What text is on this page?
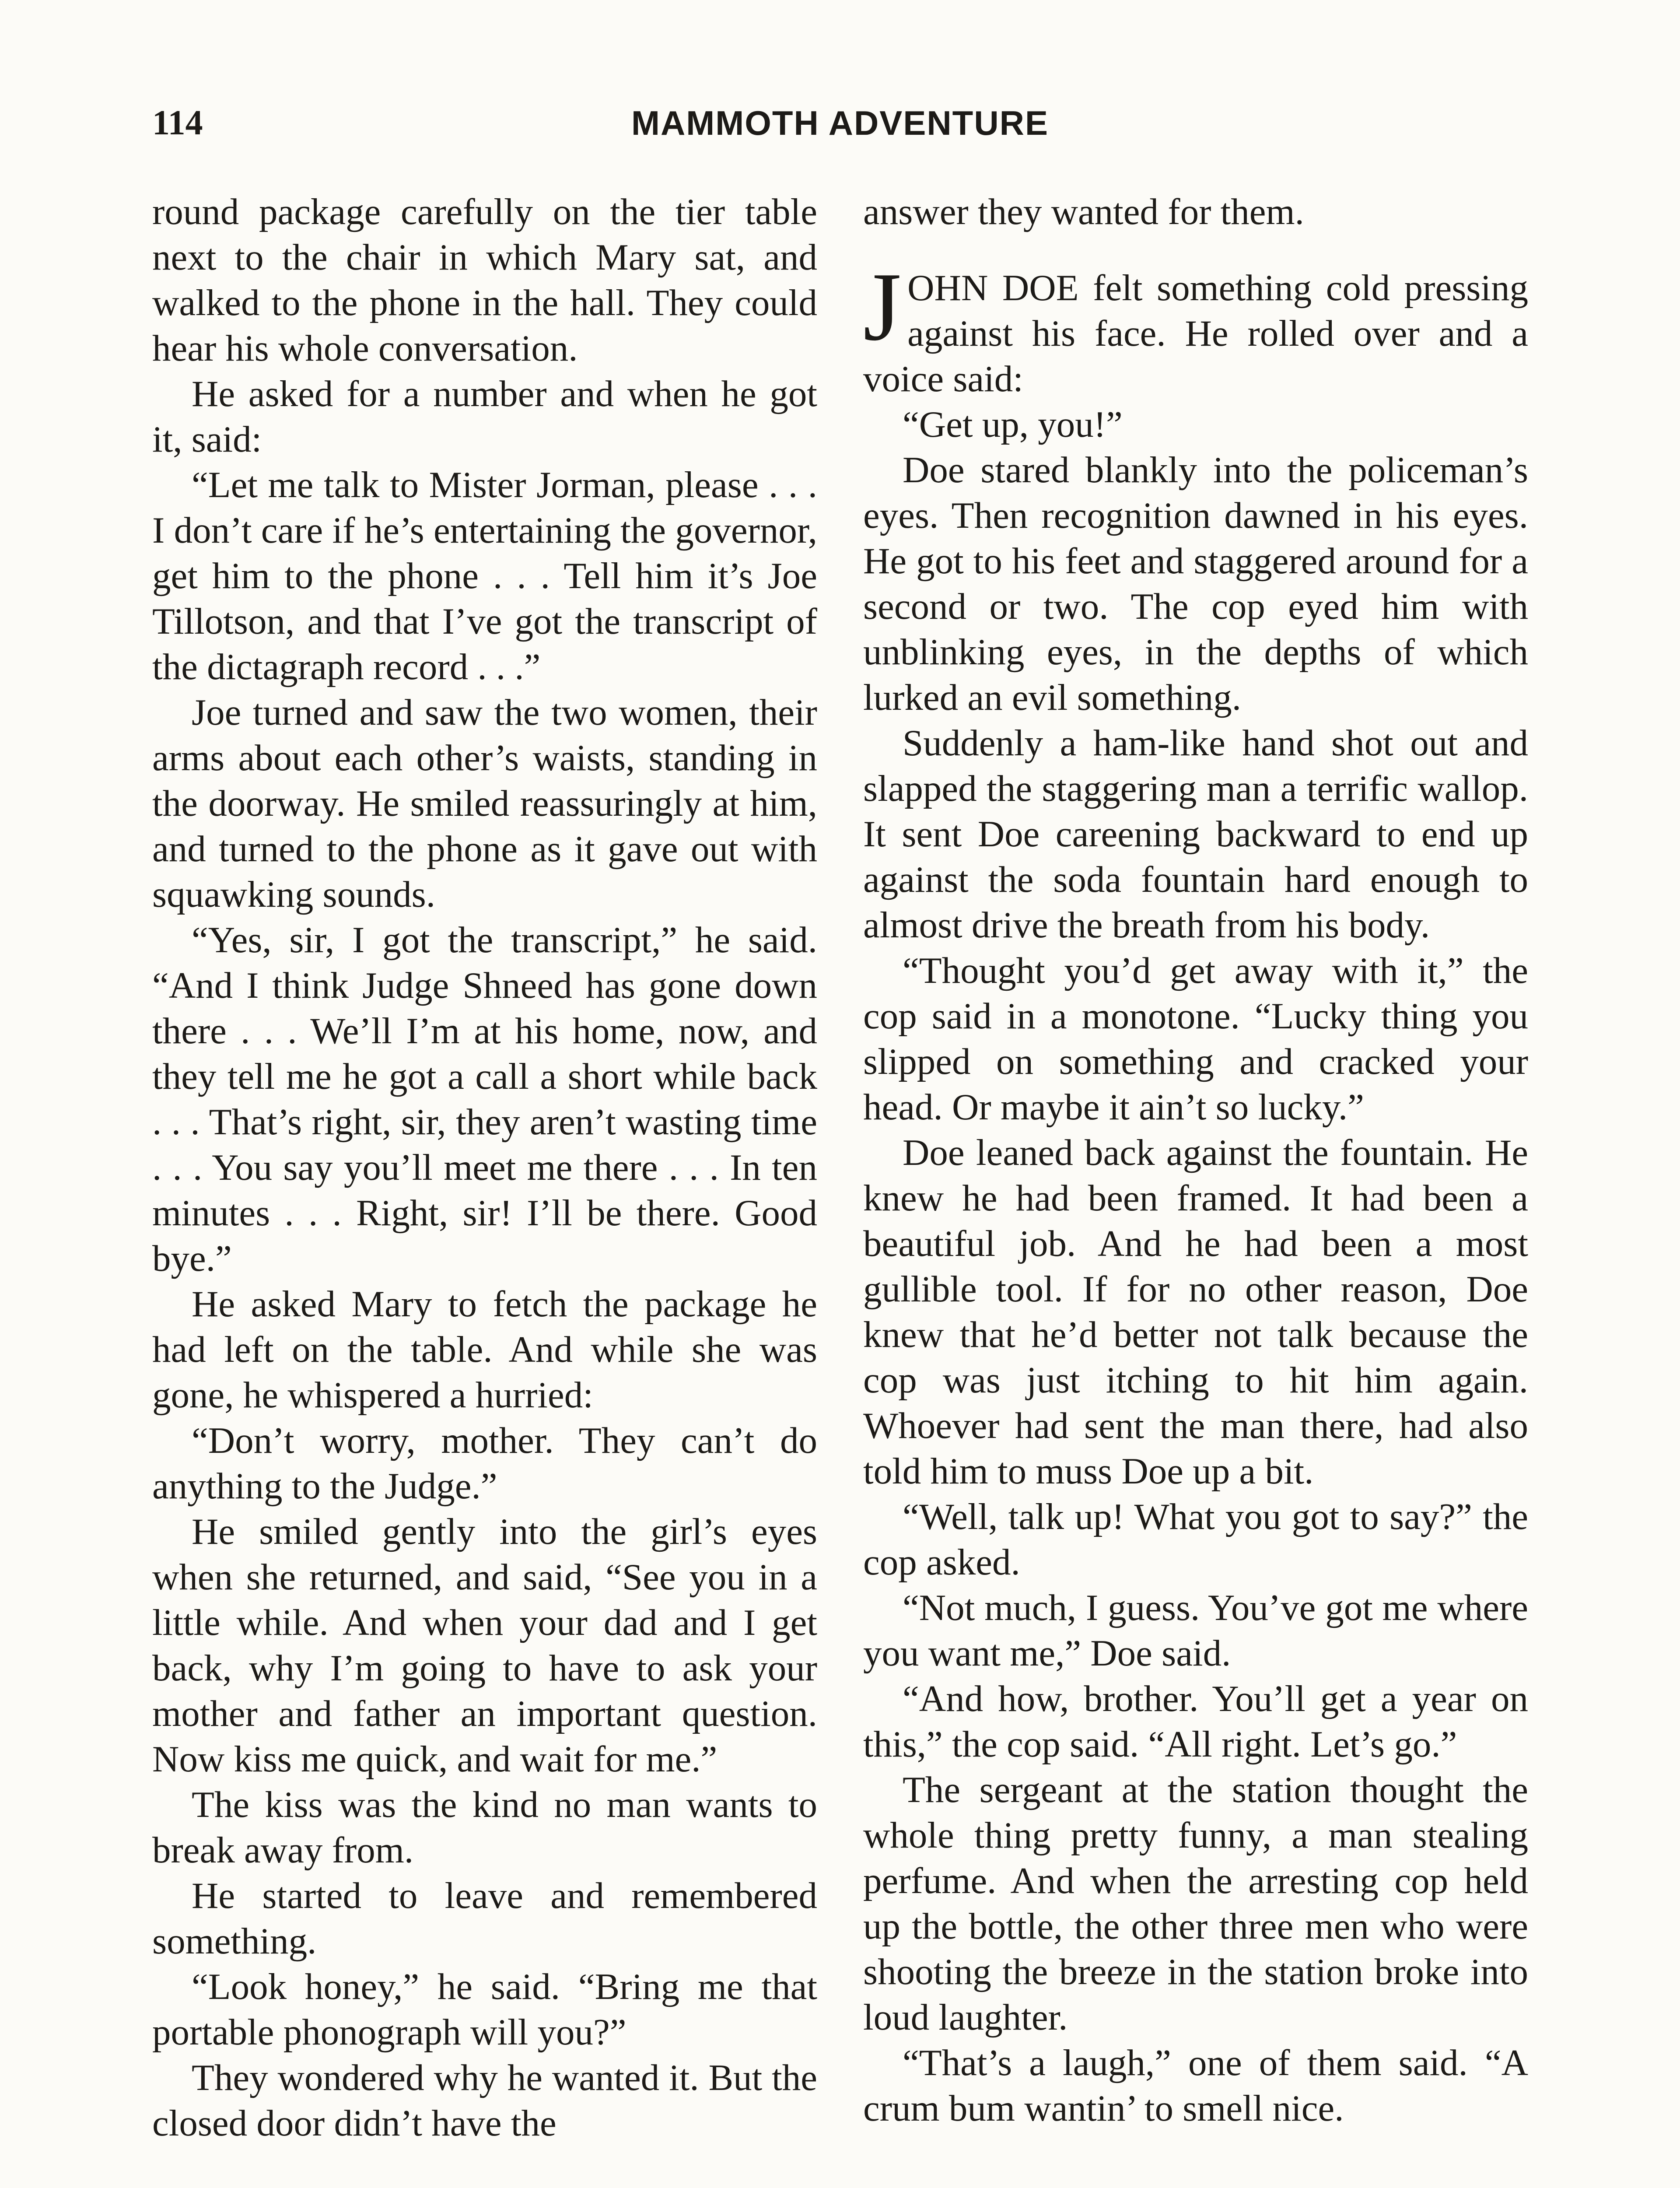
114	MAMMOTH ADVENTURE

round package carefully on the tier table next to the chair in which Mary sat, and walked to the phone in the hall. They could hear his whole conversation.

He asked for a number and when he got it, said:

“Let me talk to Mister Jorman, please . . . I don’t care if he’s entertaining the governor, get him to the phone . . . Tell him it’s Joe Tillotson, and that I’ve got the transcript of the dictagraph record . . .”

Joe turned and saw the two women, their arms about each other’s waists, standing in the doorway. He smiled reassuringly at him, and turned to the phone as it gave out with squawking sounds.

“Yes, sir, I got the transcript,” he said. “And I think Judge Shneed has gone down there . . . We’ll I’m at his home, now, and they tell me he got a call a short while back . . . That’s right, sir, they aren’t wasting time . . . You say you’ll meet me there . . . In ten minutes . . . Right, sir! I’ll be there. Good bye.”

He asked Mary to fetch the package he had left on the table. And while she was gone, he whispered a hurried:

“Don’t worry, mother. They can’t do anything to the Judge.”

He smiled gently into the girl’s eyes when she returned, and said, “See you in a little while. And when your dad and I get back, why I’m going to have to ask your mother and father an important question. Now kiss me quick, and wait for me.”

The kiss was the kind no man wants to break away from.

He started to leave and remembered something.

“Look honey,” he said. “Bring me that portable phonograph will you?”

They wondered why he wanted it. But the closed door didn’t have the

answer they wanted for them.

JOHN DOE felt something cold pressing against his face. He rolled over and a voice said:

“Get up, you!”

Doe stared blankly into the policeman’s eyes. Then recognition dawned in his eyes. He got to his feet and staggered around for a second or two. The cop eyed him with unblinking eyes, in the depths of which lurked an evil something.

Suddenly a ham-like hand shot out and slapped the staggering man a terrific wallop. It sent Doe careening backward to end up against the soda fountain hard enough to almost drive the breath from his body.

“Thought you’d get away with it,” the cop said in a monotone. “Lucky thing you slipped on something and cracked your head. Or maybe it ain’t so lucky.”

Doe leaned back against the fountain. He knew he had been framed. It had been a beautiful job. And he had been a most gullible tool. If for no other reason, Doe knew that he’d better not talk because the cop was just itching to hit him again. Whoever had sent the man there, had also told him to muss Doe up a bit.

“Well, talk up! What you got to say?” the cop asked.

“Not much, I guess. You’ve got me where you want me,” Doe said.

“And how, brother. You’ll get a year on this,” the cop said. “All right. Let’s go.”

The sergeant at the station thought the whole thing pretty funny, a man stealing perfume. And when the arresting cop held up the bottle, the other three men who were shooting the breeze in the station broke into loud laughter.

“That’s a laugh,” one of them said. “A crum bum wantin’ to smell nice.
